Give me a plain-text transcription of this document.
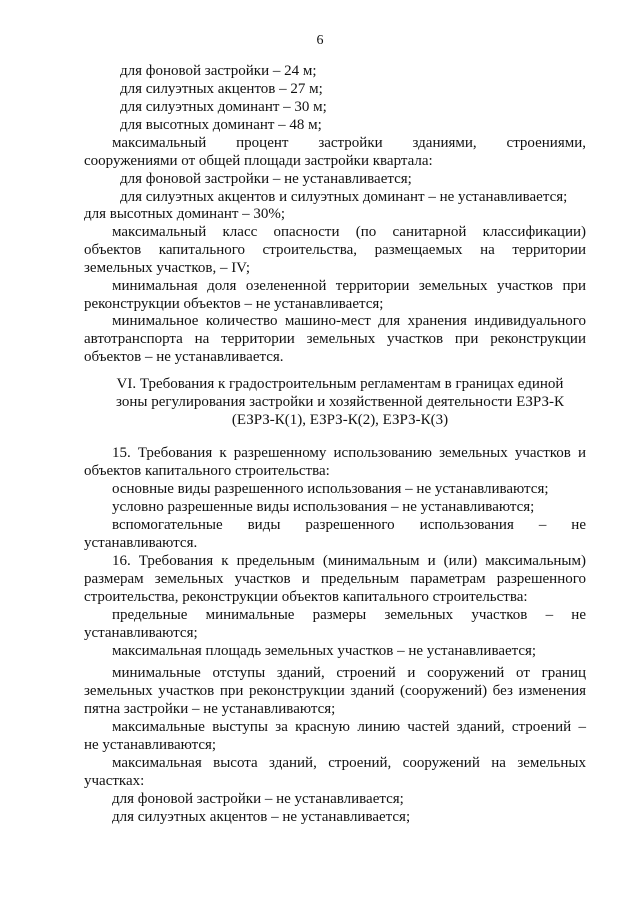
6
для фоновой застройки – 24 м;
для силуэтных акцентов – 27 м;
для силуэтных доминант – 30 м;
для высотных доминант – 48 м;
максимальный процент застройки зданиями, строениями,
сооружениями от общей площади застройки квартала:
для фоновой застройки – не устанавливается;
для силуэтных акцентов и силуэтных доминант – не устанавливается;
для высотных доминант – 30%;
максимальный класс опасности (по санитарной классификации)
объектов капитального строительства, размещаемых на территории
земельных участков, – IV;
минимальная доля озелененной территории земельных участков при
реконструкции объектов – не устанавливается;
минимальное количество машино-мест для хранения индивидуального
автотранспорта на территории земельных участков при реконструкции
объектов – не устанавливается.
VI. Требования к градостроительным регламентам в границах единой
зоны регулирования застройки и хозяйственной деятельности ЕЗРЗ-К
(ЕЗРЗ-К(1), ЕЗРЗ-К(2), ЕЗРЗ-К(3)
15. Требования к разрешенному использованию земельных участков и
объектов капитального строительства:
основные виды разрешенного использования – не устанавливаются;
условно разрешенные виды использования – не устанавливаются;
вспомогательные виды разрешенного использования – не
устанавливаются.
16. Требования к предельным (минимальным и (или) максимальным)
размерам земельных участков и предельным параметрам разрешенного
строительства, реконструкции объектов капитального строительства:
предельные минимальные размеры земельных участков – не
устанавливаются;
максимальная площадь земельных участков – не устанавливается;
минимальные отступы зданий, строений и сооружений от границ
земельных участков при реконструкции зданий (сооружений) без изменения
пятна застройки – не устанавливаются;
максимальные выступы за красную линию частей зданий, строений –
не устанавливаются;
максимальная высота зданий, строений, сооружений на земельных
участках:
для фоновой застройки – не устанавливается;
для силуэтных акцентов – не устанавливается;
